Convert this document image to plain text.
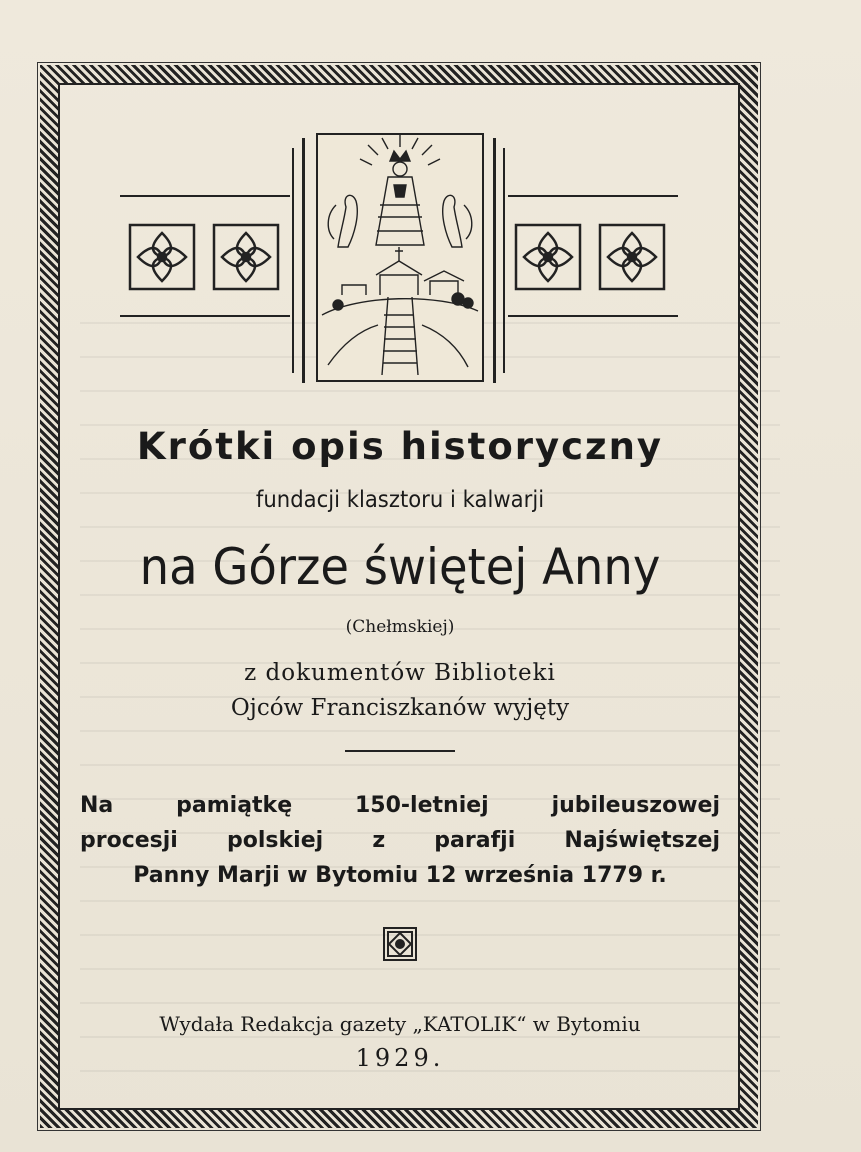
Krótki opis historyczny
fundacji klasztoru i kalwarji
na Górze świętej Anny
(Chełmskiej)
z dokumentów Biblioteki
Ojców Franciszkanów wyjęty
Na pamiątkę 150-letniej jubileuszowej
procesji polskiej z parafji Najświętszej
Panny Marji w Bytomiu 12 września 1779 r.
Wydała Redakcja gazety „KATOLIK“ w Bytomiu
1929.
